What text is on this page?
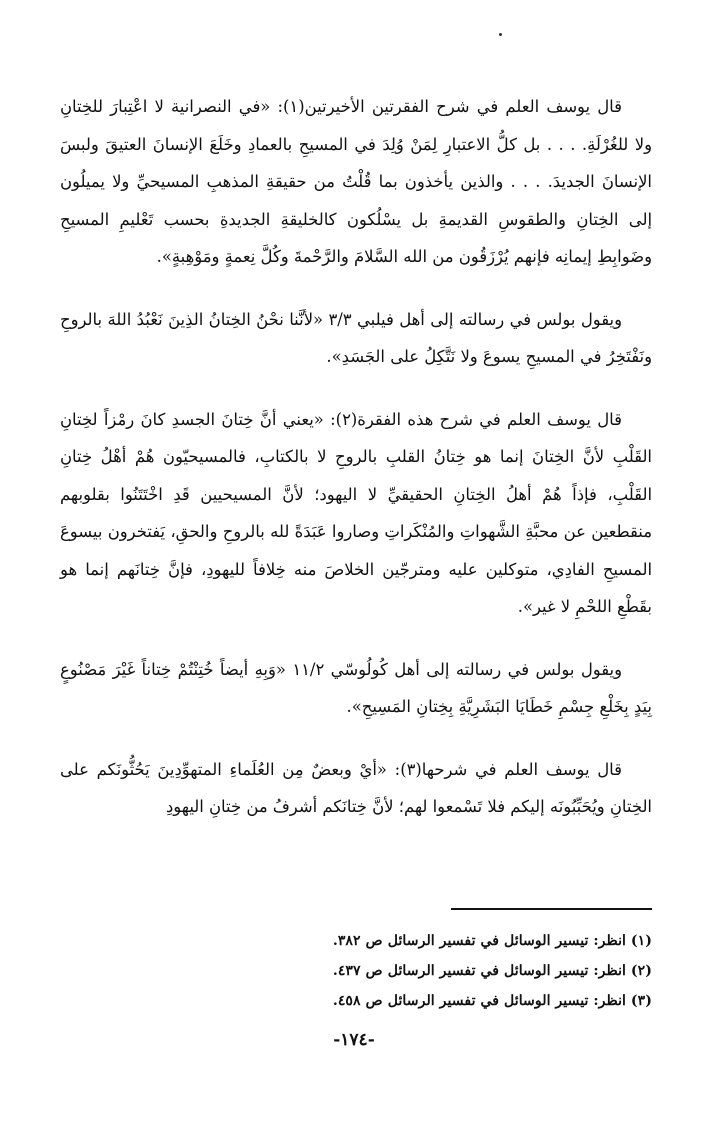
قال يوسف العلم في شرح الفقرتين الأخيرتين(١): «في النصرانية لا اعْتِبارَ للخِتانِ ولا للغُرْلَةِ. . . . بل كلُّ الاعتبارِ لِمَنْ وُلِدَ في المسيحِ بالعمادِ وخَلَعَ الإنسانَ العتيقَ ولبسَ الإنسانَ الجديدَ. . . . والذين يأخذون بما قُلْتُ من حقيقةِ المذهبِ المسيحيِّ ولا يميلُون إلى الخِتانِ والطقوسِ القديمةِ بل يسْلُكون كالخليقةِ الجديدةِ بحسب تَعْليمِ المسيحِ وضَوابِطِ إيمانِه فإنهم يُرْزَقُون من الله السَّلامَ والرَّحْمةَ وكُلَّ نِعمةٍ ومَوْهِبةٍ».

ويقول بولس في رسالته إلى أهل فيلبي ٣/٣ «لأنَّنا نحْنُ الخِتانُ الذِينَ نَعْبُدُ اللهَ بالروحِ ونَفْتَخِرُ في المسيحِ يسوعَ ولا نَتَّكِلُ على الجَسَدِ».

قال يوسف العلم في شرح هذه الفقرة(٢): «يعني أنَّ خِتانَ الجسدِ كانَ رمْزاً لخِتانِ القَلْبِ لأنَّ الخِتانَ إنما هو خِتانُ القلبِ بالروحِ لا بالكتابِ، فالمسيحيّون هُمْ أهْلُ خِتانِ القَلْبِ، فإذاً هُمْ أهلُ الخِتانِ الحقيقيِّ لا اليهود؛ لأنَّ المسيحيين قَدِ اخْتَتَنُوا بقلوبهم منقطعين عن محبَّةِ الشَّهواتِ والمُنْكَراتِ وصاروا عَبَدَةً لله بالروحِ والحقِ، يَفتخرون بيسوعَ المسيحِ الفادِي، متوكلين عليه ومترجّين الخلاصَ منه خِلافاً لليهودِ، فإنَّ خِتانَهم إنما هو بقَطْعِ اللحْمِ لا غير».

ويقول بولس في رسالته إلى أهل كُولُوسّي ١١/٢ «وَبِهِ أيضاً خُتِنْتُمْ خِتاناً غَيْرَ مَصْنُوعٍ بِيَدٍ بِخَلْعِ جِسْمِ خَطَايَا البَشَرِيَّةِ بِخِتانِ المَسِيحِ».

قال يوسف العلم في شرحها(٣): «أيْ وبعضٌ مِن العُلَماءِ المتهوِّدِينَ يَحُثُّونَكم على الخِتانِ ويُحَبِّبُونَه إليكم فلا تَسْمعوا لهم؛ لأنَّ خِتانَكم أشرفُ من خِتانِ اليهودِ

(١) انظر: تيسير الوسائل في تفسير الرسائل ص ٣٨٢.
(٢) انظر: تيسير الوسائل في تفسير الرسائل ص ٤٣٧.
(٣) انظر: تيسير الوسائل في تفسير الرسائل ص ٤٥٨.
-١٧٤-
